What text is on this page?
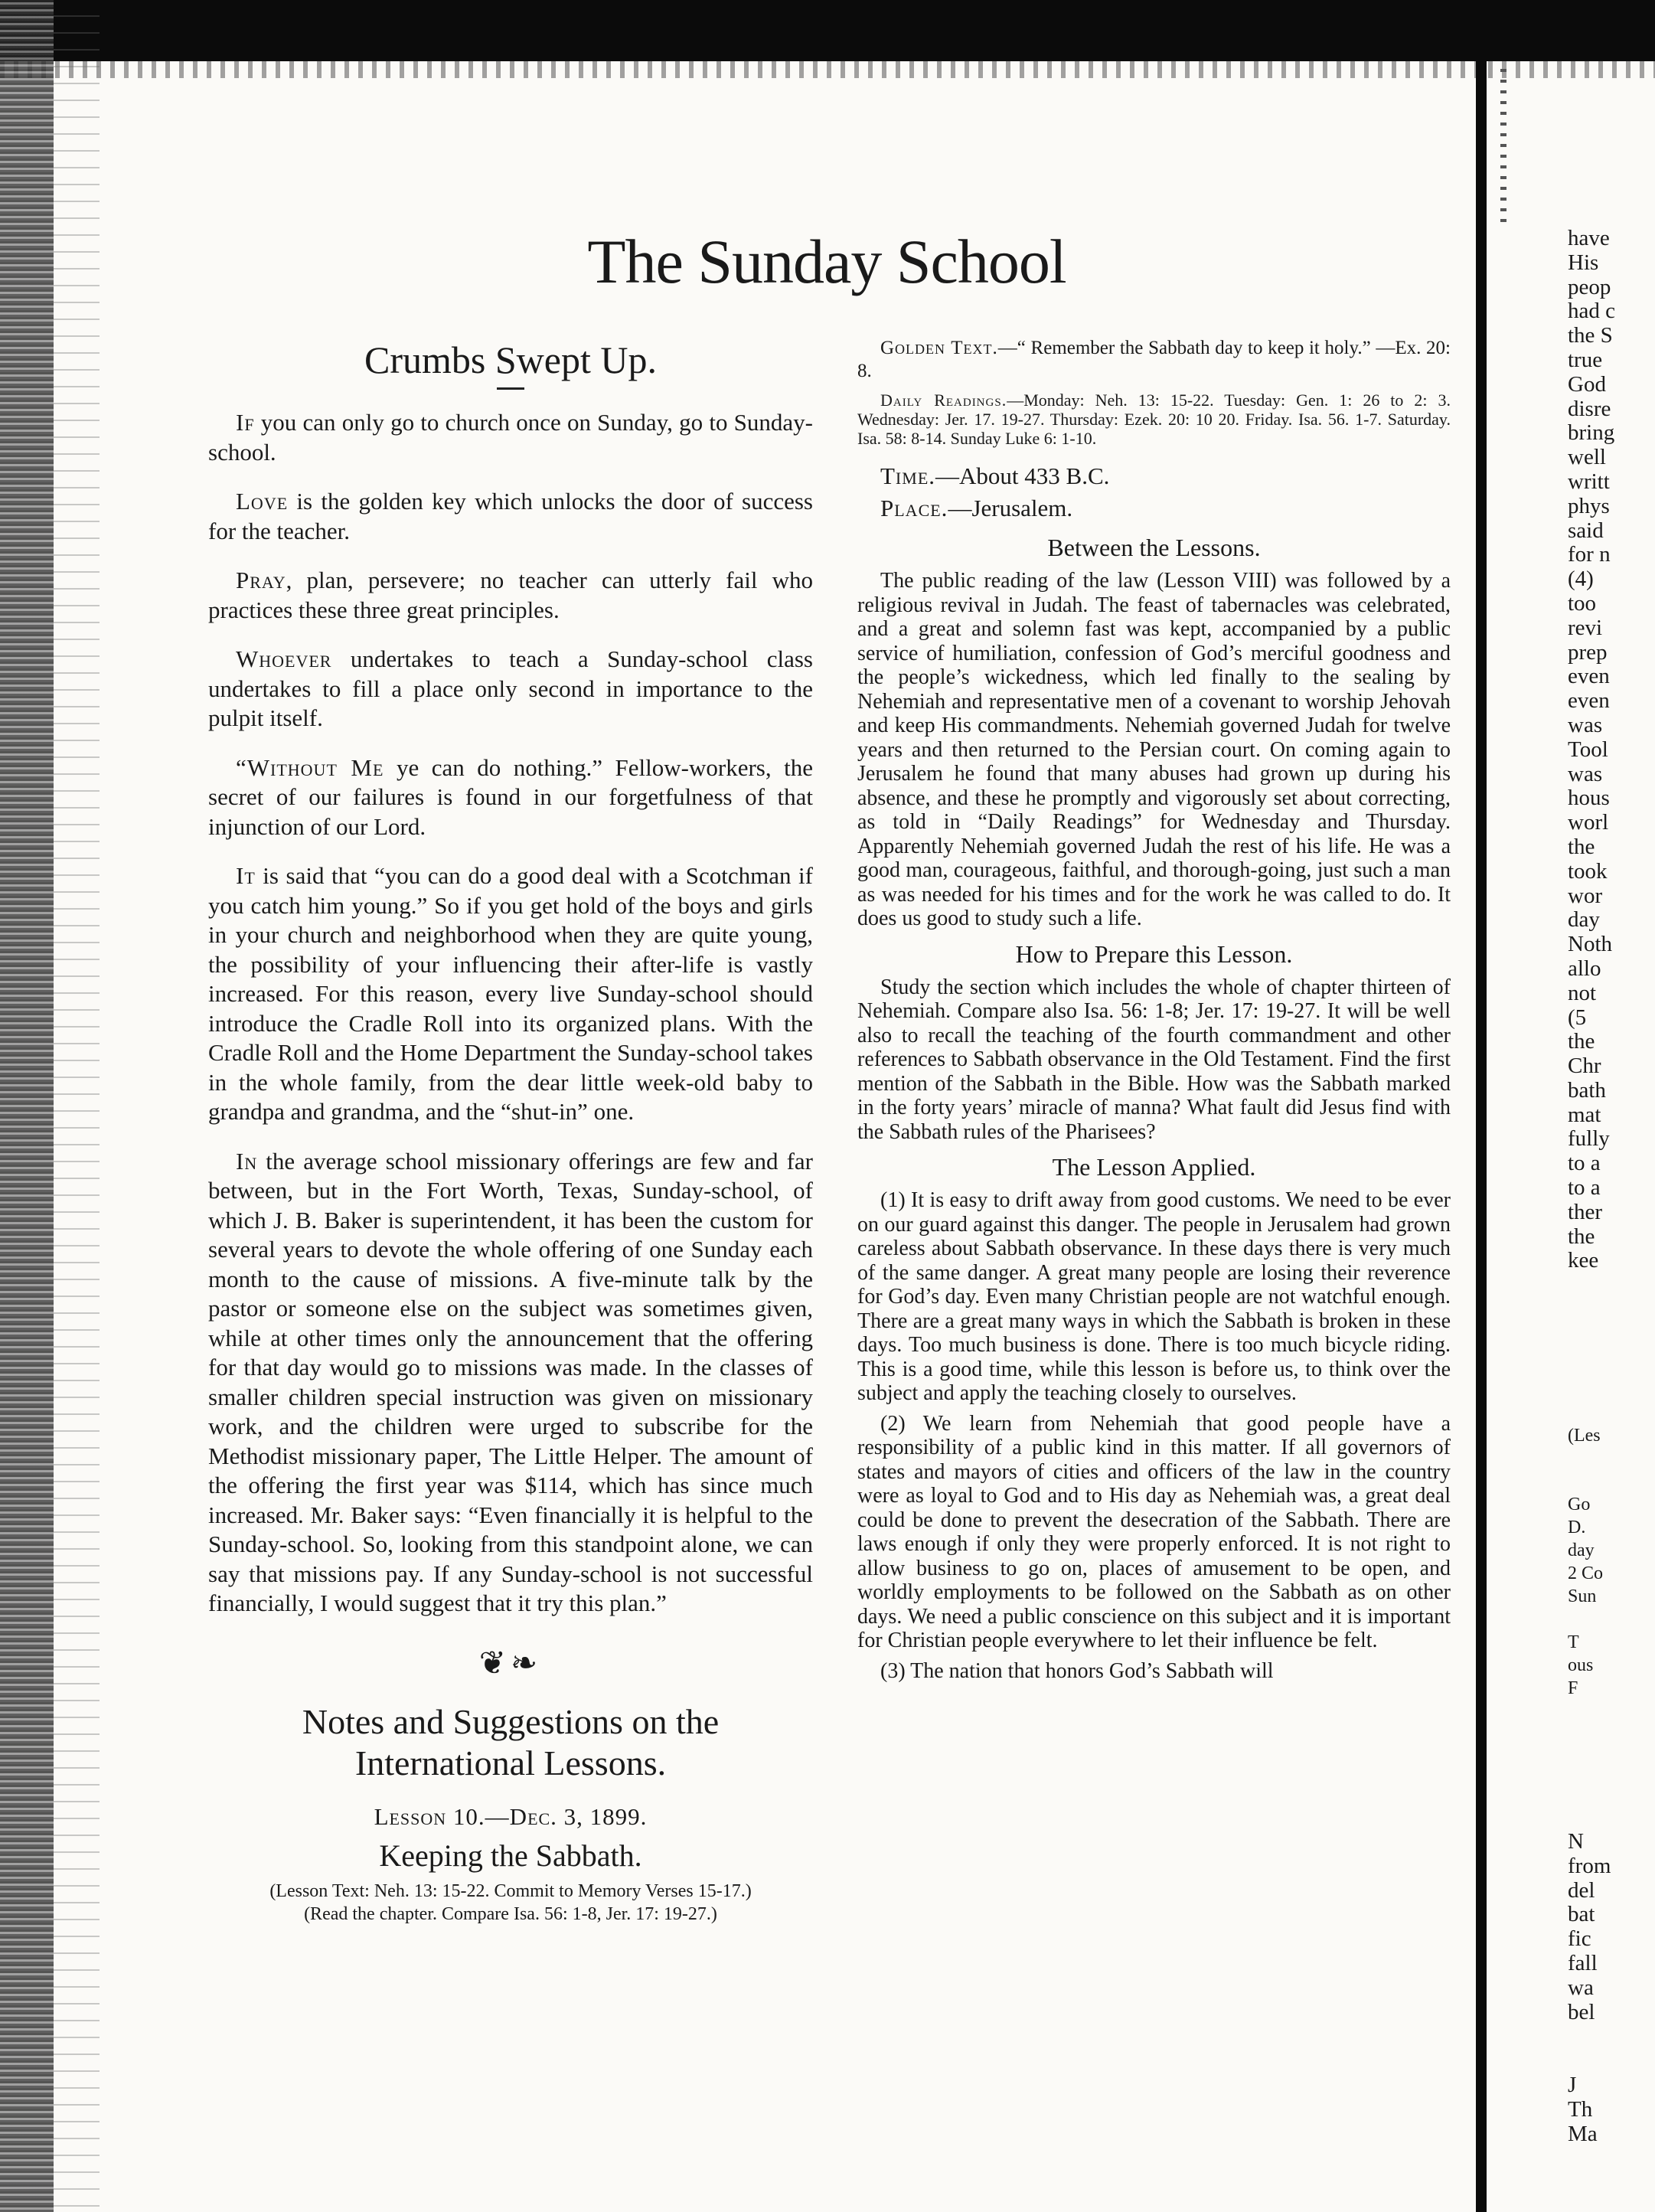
The Sunday School
Crumbs Swept Up.

If you can only go to church once on Sunday, go to Sunday-school.

Love is the golden key which unlocks the door of success for the teacher.

Pray, plan, persevere; no teacher can utterly fail who practices these three great principles.

Whoever undertakes to teach a Sunday-school class undertakes to fill a place only second in importance to the pulpit itself.

“Without Me ye can do nothing.” Fellow-workers, the secret of our failures is found in our forgetfulness of that injunction of our Lord.

It is said that “you can do a good deal with a Scotchman if you catch him young.” So if you get hold of the boys and girls in your church and neighborhood when they are quite young, the possibility of your influencing their after-life is vastly increased. For this reason, every live Sunday-school should introduce the Cradle Roll into its organized plans. With the Cradle Roll and the Home Department the Sunday-school takes in the whole family, from the dear little week-old baby to grandpa and grandma, and the “shut-in” one.

In the average school missionary offerings are few and far between, but in the Fort Worth, Texas, Sunday-school, of which J. B. Baker is superintendent, it has been the custom for several years to devote the whole offering of one Sunday each month to the cause of missions. A five-minute talk by the pastor or someone else on the subject was sometimes given, while at other times only the announcement that the offering for that day would go to missions was made. In the classes of smaller children special instruction was given on missionary work, and the children were urged to subscribe for the Methodist missionary paper, The Little Helper. The amount of the offering the first year was $114, which has since much increased. Mr. Baker says: “Even financially it is helpful to the Sunday-school. So, looking from this standpoint alone, we can say that missions pay. If any Sunday-school is not successful financially, I would suggest that it try this plan.”

❦❧
Notes and Suggestions on the
International Lessons.
Lesson 10.—Dec. 3, 1899.
Keeping the Sabbath.
(Lesson Text: Neh. 13: 15-22. Commit to Memory Verses 15-17.)
(Read the chapter. Compare Isa. 56: 1-8, Jer. 17: 19-27.)

Golden Text.—“ Remember the Sabbath day to keep it holy.” —Ex. 20: 8.

Daily Readings.—Monday: Neh. 13: 15-22. Tuesday: Gen. 1: 26 to 2: 3. Wednesday: Jer. 17. 19-27. Thursday: Ezek. 20: 10 20. Friday. Isa. 56. 1-7. Saturday. Isa. 58: 8-14. Sunday Luke 6: 1-10.

Time.—About 433 B.C.

Place.—Jerusalem.

Between the Lessons.

The public reading of the law (Lesson VIII) was followed by a religious revival in Judah. The feast of tabernacles was celebrated, and a great and solemn fast was kept, accompanied by a public service of humiliation, confession of God’s merciful goodness and the people’s wickedness, which led finally to the sealing by Nehemiah and representative men of a covenant to worship Jehovah and keep His commandments. Nehemiah governed Judah for twelve years and then returned to the Persian court. On coming again to Jerusalem he found that many abuses had grown up during his absence, and these he promptly and vigorously set about correcting, as told in “Daily Readings” for Wednesday and Thursday. Apparently Nehemiah governed Judah the rest of his life. He was a good man, courageous, faithful, and thorough-going, just such a man as was needed for his times and for the work he was called to do. It does us good to study such a life.

How to Prepare this Lesson.

Study the section which includes the whole of chapter thirteen of Nehemiah. Compare also Isa. 56: 1-8; Jer. 17: 19-27. It will be well also to recall the teaching of the fourth commandment and other references to Sabbath observance in the Old Testament. Find the first mention of the Sabbath in the Bible. How was the Sabbath marked in the forty years’ miracle of manna? What fault did Jesus find with the Sabbath rules of the Pharisees?

The Lesson Applied.

(1) It is easy to drift away from good customs. We need to be ever on our guard against this danger. The people in Jerusalem had grown careless about Sabbath observance. In these days there is very much of the same danger. A great many people are losing their reverence for God’s day. Even many Christian people are not watchful enough. There are a great many ways in which the Sabbath is broken in these days. Too much business is done. There is too much bicycle riding. This is a good time, while this lesson is before us, to think over the subject and apply the teaching closely to ourselves.

(2) We learn from Nehemiah that good people have a responsibility of a public kind in this matter. If all governors of states and mayors of cities and officers of the law in the country were as loyal to God and to His day as Nehemiah was, a great deal could be done to prevent the desecration of the Sabbath. There are laws enough if only they were properly enforced. It is not right to allow business to go on, places of amusement to be open, and worldly employments to be followed on the Sabbath as on other days. We need a public conscience on this subject and it is important for Christian people everywhere to let their influence be felt.

(3) The nation that honors God’s Sabbath will

have
His
peop
had c
the S
true
God
disre
bring
well
writt
phys
said
for n
(4)
too
revi
prep
even
even
was
Tool
was
hous
worl
the
took
wor
day
Noth
allo
not
(5
the
Chr
bath
mat
fully
to a
to a
ther
the
kee
(Les
Go
D.
day
2 Co
Sun
T
ous
F
N
from
del
bat
fic
fall
wa
bel
J
Th
Ma
